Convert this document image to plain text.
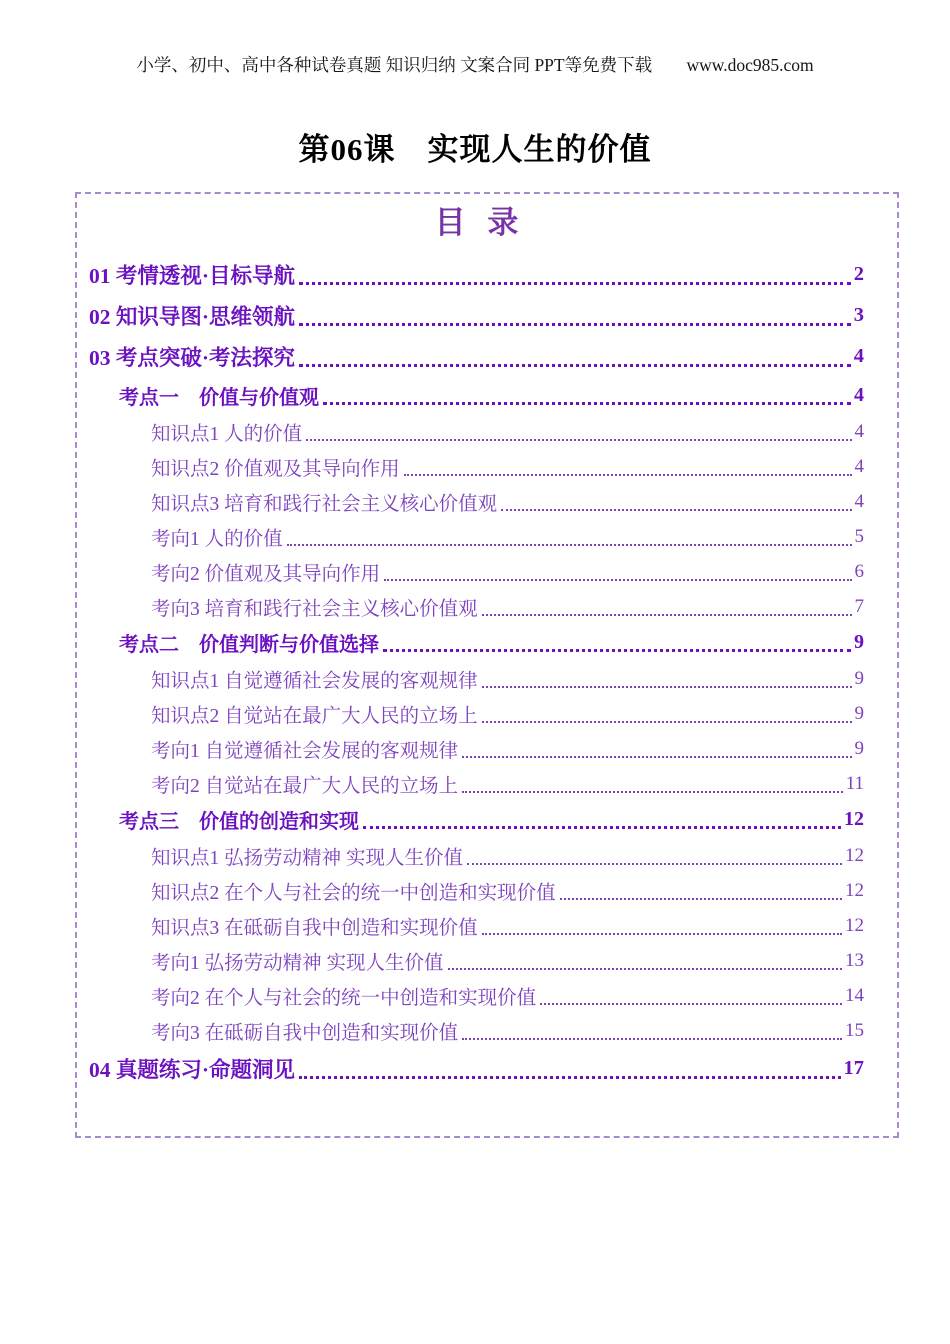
小学、初中、高中各种试卷真题 知识归纳 文案合同 PPT等免费下载 www.doc985.com
第06课　实现人生的价值
目 录
01 考情透视·目标导航	2
02 知识导图·思维领航	3
03 考点突破·考法探究	4
考点一　价值与价值观	4
知识点1 人的价值	4
知识点2 价值观及其导向作用	4
知识点3 培育和践行社会主义核心价值观	4
考向1 人的价值	5
考向2 价值观及其导向作用	6
考向3 培育和践行社会主义核心价值观	7
考点二　价值判断与价值选择	9
知识点1 自觉遵循社会发展的客观规律	9
知识点2 自觉站在最广大人民的立场上	9
考向1 自觉遵循社会发展的客观规律	9
考向2 自觉站在最广大人民的立场上	11
考点三　价值的创造和实现	12
知识点1 弘扬劳动精神 实现人生价值	12
知识点2 在个人与社会的统一中创造和实现价值	12
知识点3 在砥砺自我中创造和实现价值	12
考向1 弘扬劳动精神 实现人生价值	13
考向2 在个人与社会的统一中创造和实现价值	14
考向3 在砥砺自我中创造和实现价值	15
04 真题练习·命题洞见	17
